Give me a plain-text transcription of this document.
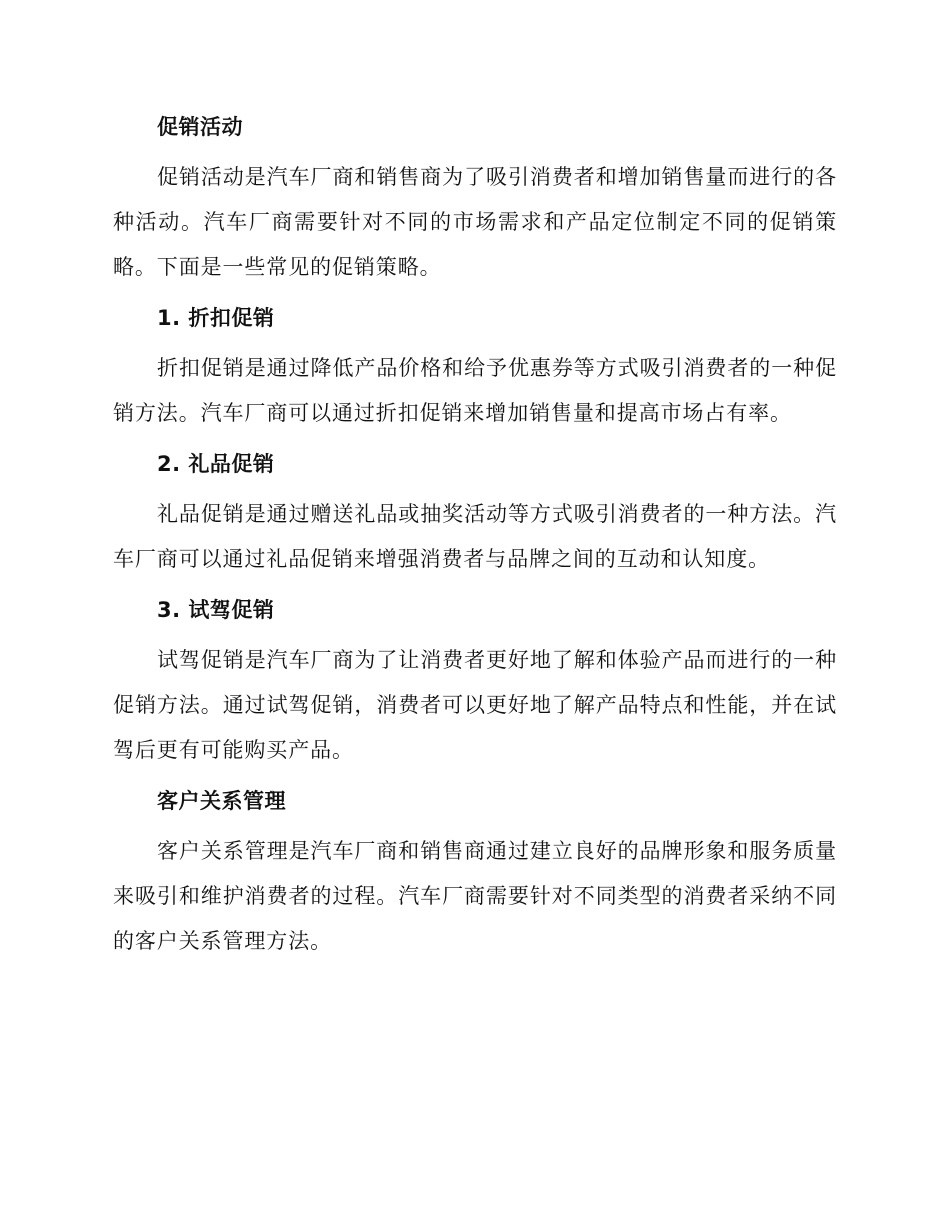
促销活动

促销活动是汽车厂商和销售商为了吸引消费者和增加销售量而进行的各种活动。汽车厂商需要针对不同的市场需求和产品定位制定不同的促销策略。下面是一些常见的促销策略。

1. 折扣促销

折扣促销是通过降低产品价格和给予优惠券等方式吸引消费者的一种促销方法。汽车厂商可以通过折扣促销来增加销售量和提高市场占有率。

2. 礼品促销

礼品促销是通过赠送礼品或抽奖活动等方式吸引消费者的一种方法。汽车厂商可以通过礼品促销来增强消费者与品牌之间的互动和认知度。

3. 试驾促销

试驾促销是汽车厂商为了让消费者更好地了解和体验产品而进行的一种促销方法。通过试驾促销，消费者可以更好地了解产品特点和性能，并在试驾后更有可能购买产品。

客户关系管理

客户关系管理是汽车厂商和销售商通过建立良好的品牌形象和服务质量来吸引和维护消费者的过程。汽车厂商需要针对不同类型的消费者采纳不同的客户关系管理方法。
